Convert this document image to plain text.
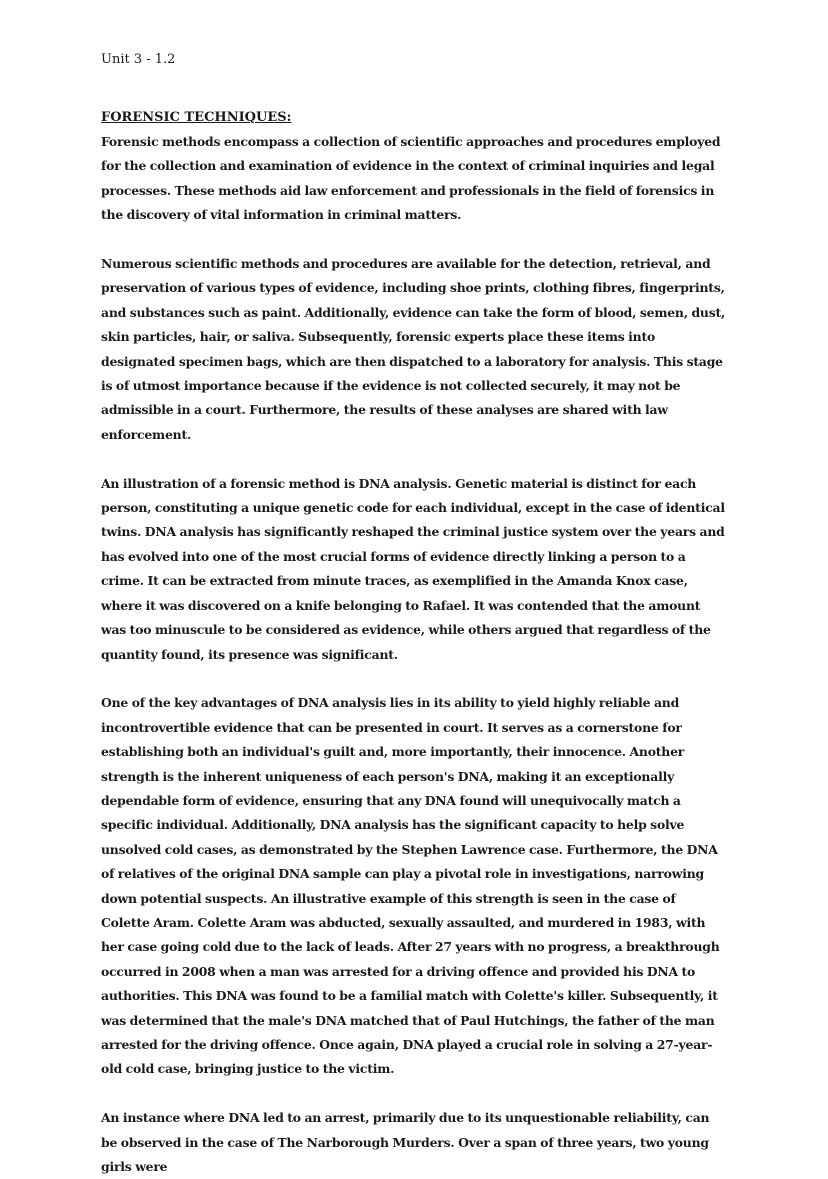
Unit 3 - 1.2

FORENSIC TECHNIQUES:

Forensic methods encompass a collection of scientific approaches and procedures employed for the collection and examination of evidence in the context of criminal inquiries and legal processes. These methods aid law enforcement and professionals in the field of forensics in the discovery of vital information in criminal matters.

Numerous scientific methods and procedures are available for the detection, retrieval, and preservation of various types of evidence, including shoe prints, clothing fibres, fingerprints, and substances such as paint. Additionally, evidence can take the form of blood, semen, dust, skin particles, hair, or saliva. Subsequently, forensic experts place these items into designated specimen bags, which are then dispatched to a laboratory for analysis. This stage is of utmost importance because if the evidence is not collected securely, it may not be admissible in a court. Furthermore, the results of these analyses are shared with law enforcement.

An illustration of a forensic method is DNA analysis. Genetic material is distinct for each person, constituting a unique genetic code for each individual, except in the case of identical twins. DNA analysis has significantly reshaped the criminal justice system over the years and has evolved into one of the most crucial forms of evidence directly linking a person to a crime. It can be extracted from minute traces, as exemplified in the Amanda Knox case, where it was discovered on a knife belonging to Rafael. It was contended that the amount was too minuscule to be considered as evidence, while others argued that regardless of the quantity found, its presence was significant.

One of the key advantages of DNA analysis lies in its ability to yield highly reliable and incontrovertible evidence that can be presented in court. It serves as a cornerstone for establishing both an individual's guilt and, more importantly, their innocence. Another strength is the inherent uniqueness of each person's DNA, making it an exceptionally dependable form of evidence, ensuring that any DNA found will unequivocally match a specific individual. Additionally, DNA analysis has the significant capacity to help solve unsolved cold cases, as demonstrated by the Stephen Lawrence case. Furthermore, the DNA of relatives of the original DNA sample can play a pivotal role in investigations, narrowing down potential suspects. An illustrative example of this strength is seen in the case of Colette Aram. Colette Aram was abducted, sexually assaulted, and murdered in 1983, with her case going cold due to the lack of leads. After 27 years with no progress, a breakthrough occurred in 2008 when a man was arrested for a driving offence and provided his DNA to authorities. This DNA was found to be a familial match with Colette's killer. Subsequently, it was determined that the male's DNA matched that of Paul Hutchings, the father of the man arrested for the driving offence. Once again, DNA played a crucial role in solving a 27-year-old cold case, bringing justice to the victim.

An instance where DNA led to an arrest, primarily due to its unquestionable reliability, can be observed in the case of The Narborough Murders. Over a span of three years, two young girls were
